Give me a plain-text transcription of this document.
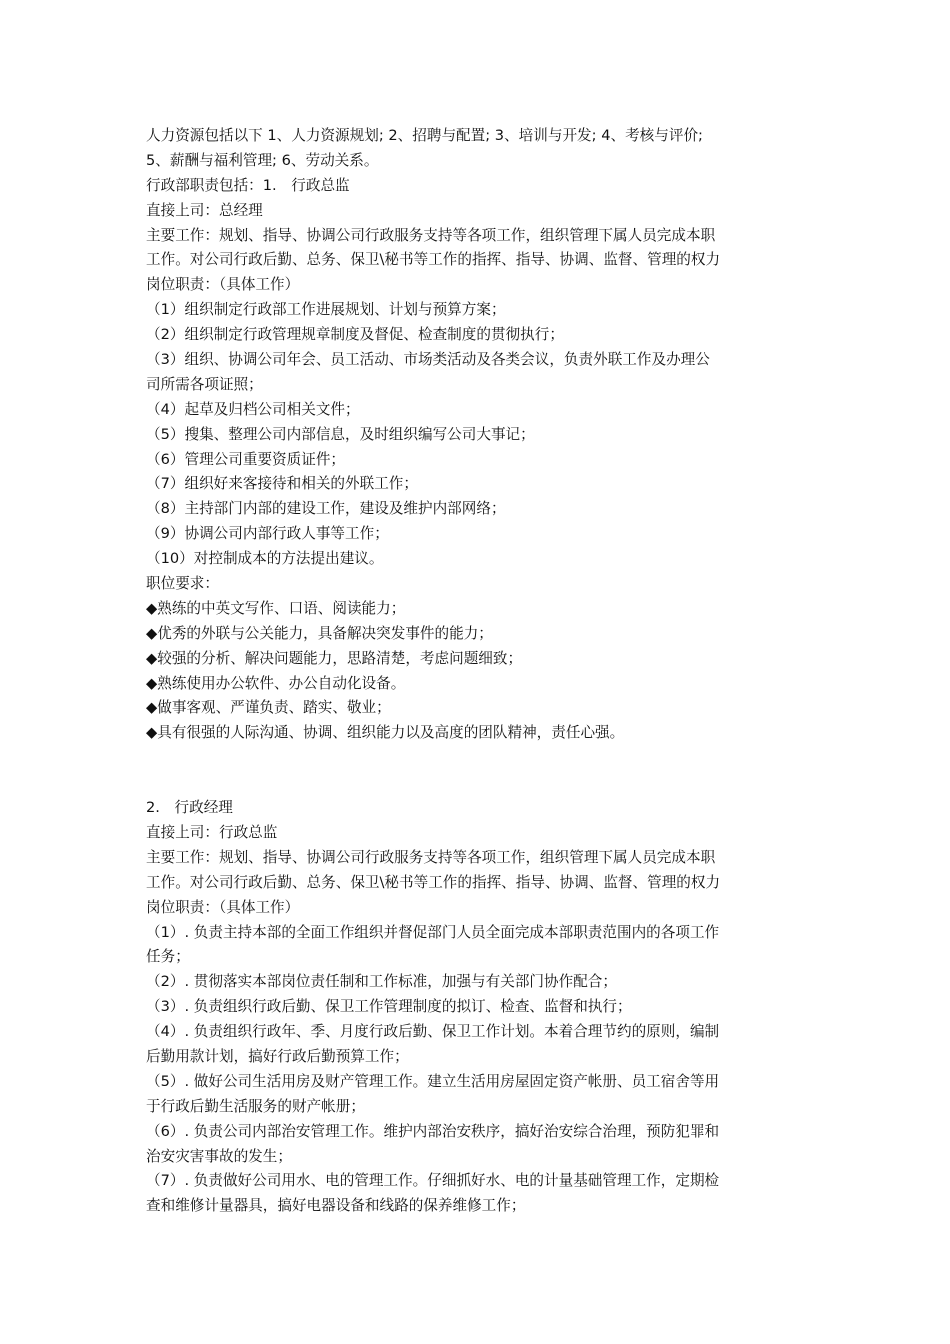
人力资源包括以下 1、人力资源规划; 2、招聘与配置; 3、培训与开发; 4、考核与评价;
5、薪酬与福利管理; 6、劳动关系。
行政部职责包括：1.　行政总监
直接上司：总经理
主要工作：规划、指导、协调公司行政服务支持等各项工作，组织管理下属人员完成本职
工作。对公司行政后勤、总务、保卫\秘书等工作的指挥、指导、协调、监督、管理的权力
岗位职责：（具体工作）
（1）组织制定行政部工作进展规划、计划与预算方案；
（2）组织制定行政管理规章制度及督促、检查制度的贯彻执行；
（3）组织、协调公司年会、员工活动、市场类活动及各类会议，负责外联工作及办理公
司所需各项证照；
（4）起草及归档公司相关文件；
（5）搜集、整理公司内部信息，及时组织编写公司大事记；
（6）管理公司重要资质证件；
（7）组织好来客接待和相关的外联工作；
（8）主持部门内部的建设工作，建设及维护内部网络；
（9）协调公司内部行政人事等工作；
（10）对控制成本的方法提出建议。
职位要求：
◆熟练的中英文写作、口语、阅读能力；
◆优秀的外联与公关能力，具备解决突发事件的能力；
◆较强的分析、解决问题能力，思路清楚，考虑问题细致；
◆熟练使用办公软件、办公自动化设备。
◆做事客观、严谨负责、踏实、敬业；
◆具有很强的人际沟通、协调、组织能力以及高度的团队精神，责任心强。
2.　行政经理
直接上司：行政总监
主要工作：规划、指导、协调公司行政服务支持等各项工作，组织管理下属人员完成本职
工作。对公司行政后勤、总务、保卫\秘书等工作的指挥、指导、协调、监督、管理的权力
岗位职责：（具体工作）
（1）. 负责主持本部的全面工作组织并督促部门人员全面完成本部职责范围内的各项工作
任务；
（2）. 贯彻落实本部岗位责任制和工作标准，加强与有关部门协作配合；
（3）. 负责组织行政后勤、保卫工作管理制度的拟订、检查、监督和执行；
（4）. 负责组织行政年、季、月度行政后勤、保卫工作计划。本着合理节约的原则，编制
后勤用款计划，搞好行政后勤预算工作；
（5）. 做好公司生活用房及财产管理工作。建立生活用房屋固定资产帐册、员工宿舍等用
于行政后勤生活服务的财产帐册；
（6）. 负责公司内部治安管理工作。维护内部治安秩序，搞好治安综合治理，预防犯罪和
治安灾害事故的发生；
（7）. 负责做好公司用水、电的管理工作。仔细抓好水、电的计量基础管理工作，定期检
查和维修计量器具，搞好电器设备和线路的保养维修工作；
